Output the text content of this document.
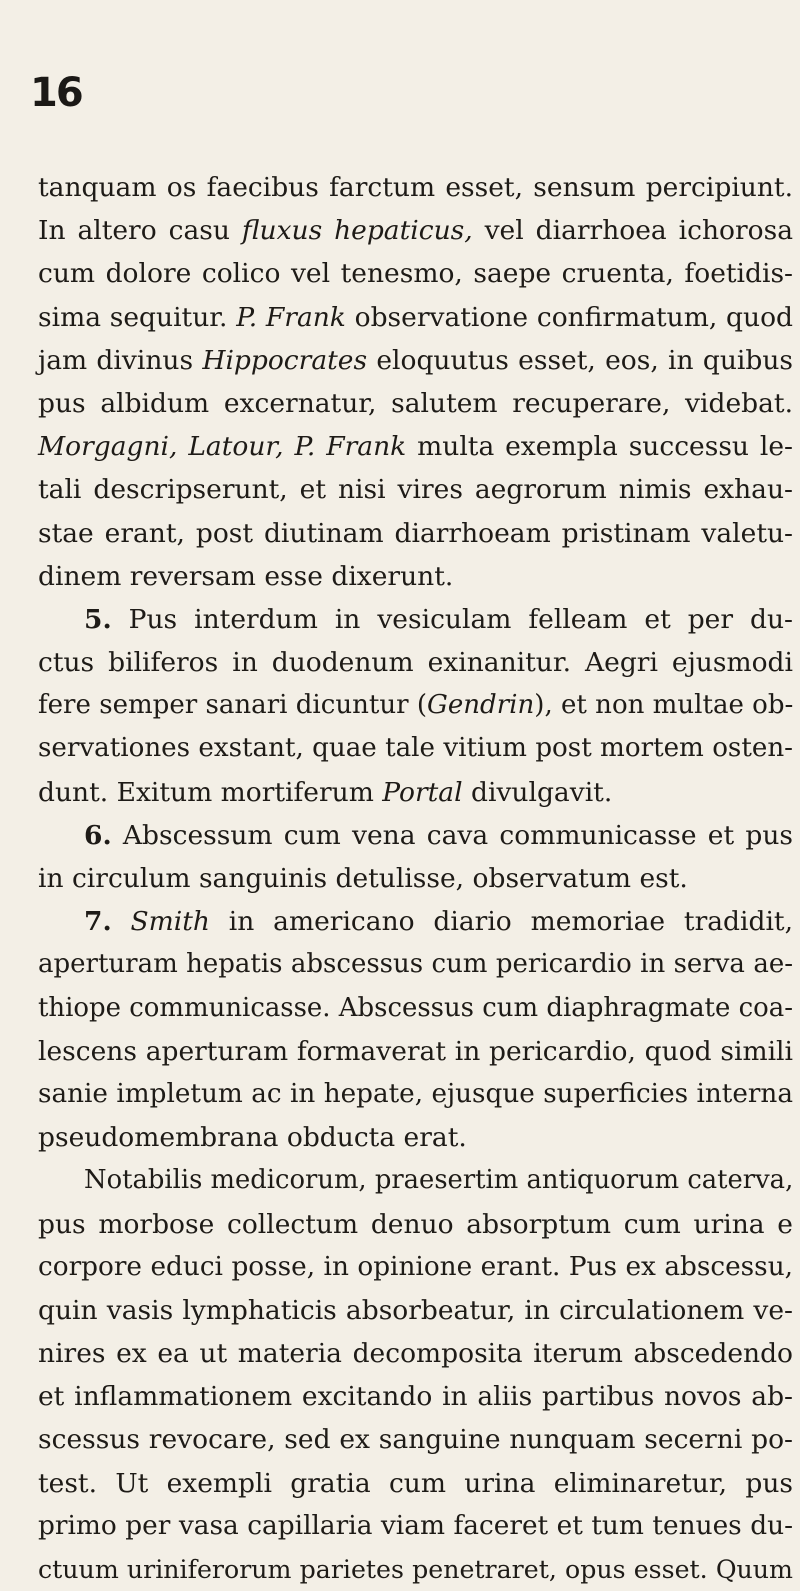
16
tanquam os faecibus farctum esset, sensum percipiunt.
In altero casu fluxus hepaticus, vel diarrhoea ichorosa
cum dolore colico vel tenesmo, saepe cruenta, foetidis-
sima sequitur. P. Frank observatione confirmatum, quod
jam divinus Hippocrates eloquutus esset, eos, in quibus
pus albidum excernatur, salutem recuperare, videbat.
Morgagni, Latour, P. Frank multa exempla successu le-
tali descripserunt, et nisi vires aegrorum nimis exhau-
stae erant, post diutinam diarrhoeam pristinam valetu-
dinem reversam esse dixerunt.
5. Pus interdum in vesiculam felleam et per du-
ctus biliferos in duodenum exinanitur. Aegri ejusmodi
fere semper sanari dicuntur (Gendrin), et non multae ob-
servationes exstant, quae tale vitium post mortem osten-
dunt. Exitum mortiferum Portal divulgavit.
6. Abscessum cum vena cava communicasse et pus
in circulum sanguinis detulisse, observatum est.
7. Smith in americano diario memoriae tradidit,
aperturam hepatis abscessus cum pericardio in serva ae-
thiope communicasse. Abscessus cum diaphragmate coa-
lescens aperturam formaverat in pericardio, quod simili
sanie impletum ac in hepate, ejusque superficies interna
pseudomembrana obducta erat.
Notabilis medicorum, praesertim antiquorum caterva,
pus morbose collectum denuo absorptum cum urina e
corpore educi posse, in opinione erant. Pus ex abscessu,
quin vasis lymphaticis absorbeatur, in circulationem ve-
nires ex ea ut materia decomposita iterum abscedendo
et inflammationem excitando in aliis partibus novos ab-
scessus revocare, sed ex sanguine nunquam secerni po-
test. Ut exempli gratia cum urina eliminaretur, pus
primo per vasa capillaria viam faceret et tum tenues du-
ctuum uriniferorum parietes penetraret, opus esset. Quum
